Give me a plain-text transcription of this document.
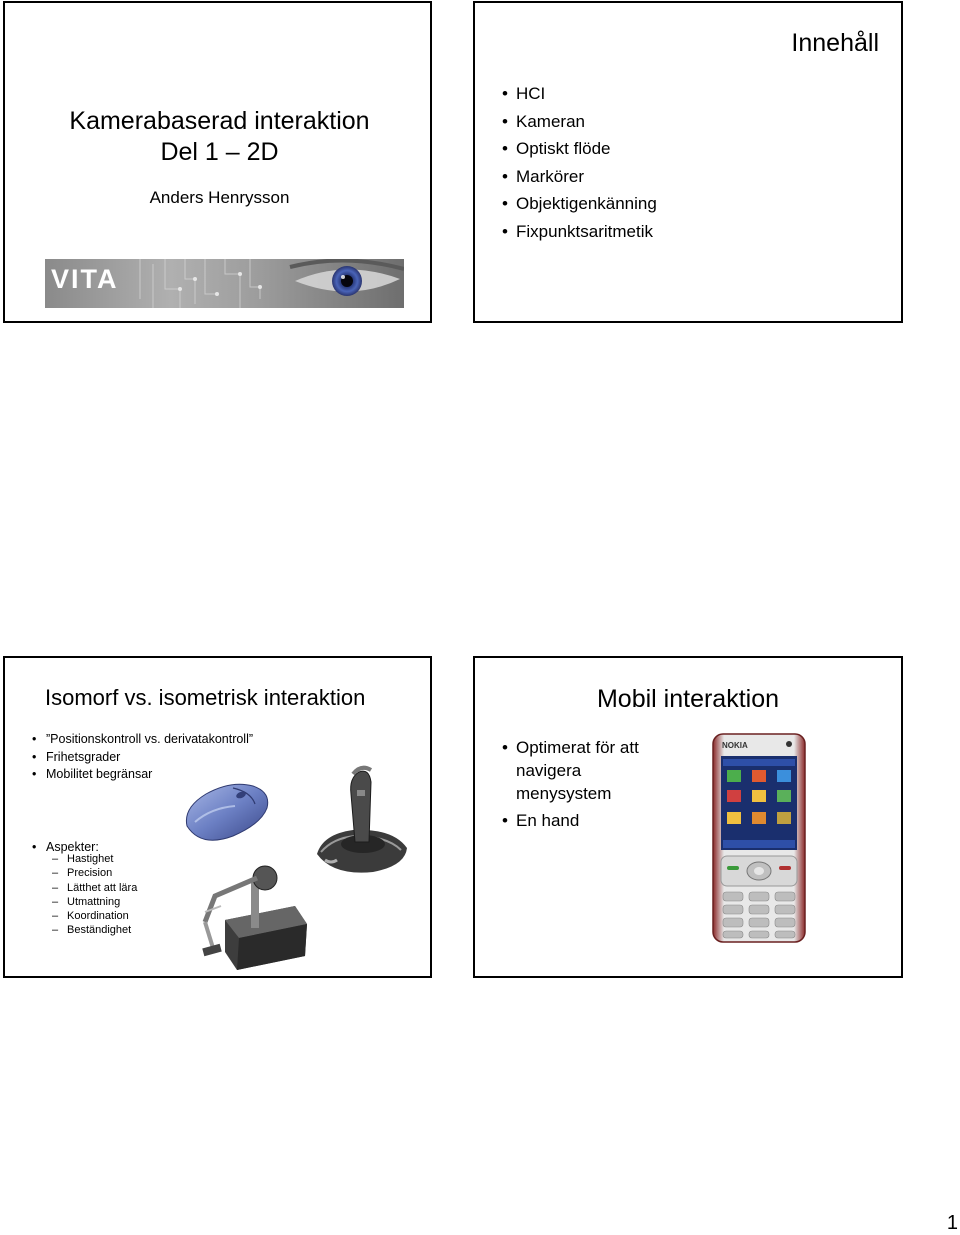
Kamerabaserad interaktion
Del 1 – 2D
Anders Henrysson
VITA
Innehåll
• HCI
• Kameran
• Optiskt flöde
• Markörer
• Objektigenkänning
• Fixpunktsaritmetik
Isomorf vs. isometrisk interaktion
• ”Positionskontroll vs. derivatakontroll”
• Frihetsgrader
• Mobilitet begränsar
• Aspekter:
– Hastighet
– Precision
– Lätthet att lära
– Utmattning
– Koordination
– Beständighet
Mobil interaktion
• Optimerat för att navigera menysystem
• En hand
NOKIA
1
